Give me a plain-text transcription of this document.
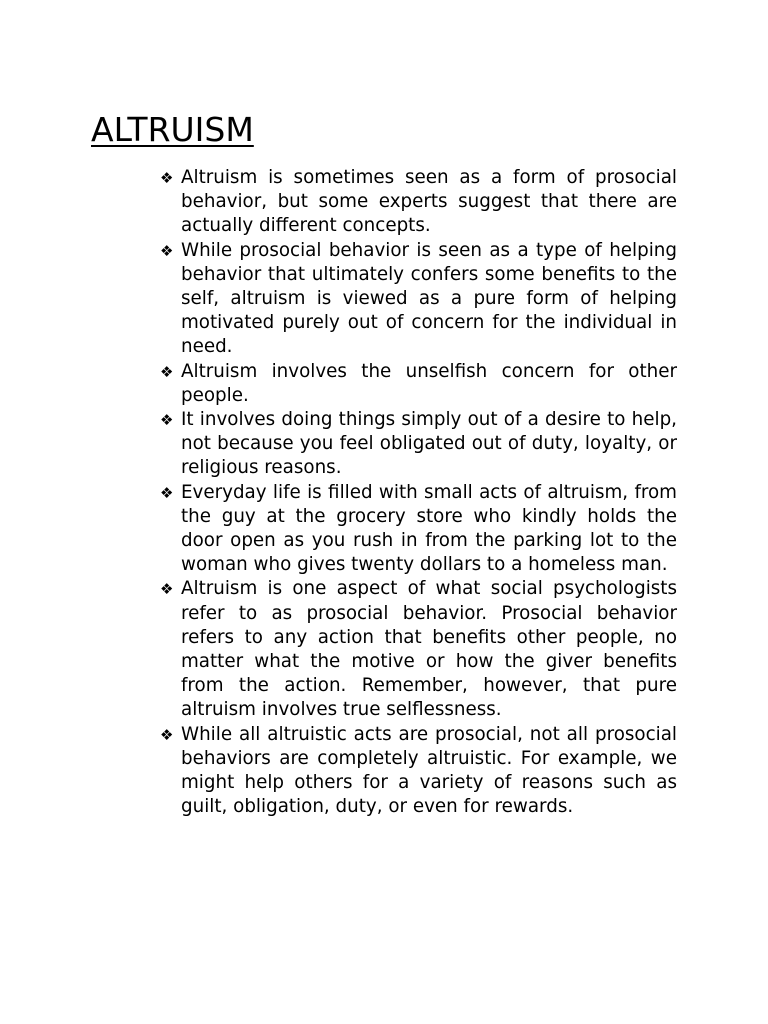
ALTRUISM
❖ Altruism is sometimes seen as a form of prosocial behavior, but some experts suggest that there are actually different concepts.
❖ While prosocial behavior is seen as a type of helping behavior that ultimately confers some benefits to the self, altruism is viewed as a pure form of helping motivated purely out of concern for the individual in need.
❖ Altruism involves the unselfish concern for other people.
❖ It involves doing things simply out of a desire to help, not because you feel obligated out of duty, loyalty, or religious reasons.
❖ Everyday life is filled with small acts of altruism, from the guy at the grocery store who kindly holds the door open as you rush in from the parking lot to the woman who gives twenty dollars to a homeless man.
❖ Altruism is one aspect of what social psychologists refer to as prosocial behavior. Prosocial behavior refers to any action that benefits other people, no matter what the motive or how the giver benefits from the action. Remember, however, that pure altruism involves true selflessness.
❖ While all altruistic acts are prosocial, not all prosocial behaviors are completely altruistic. For example, we might help others for a variety of reasons such as guilt, obligation, duty, or even for rewards.
